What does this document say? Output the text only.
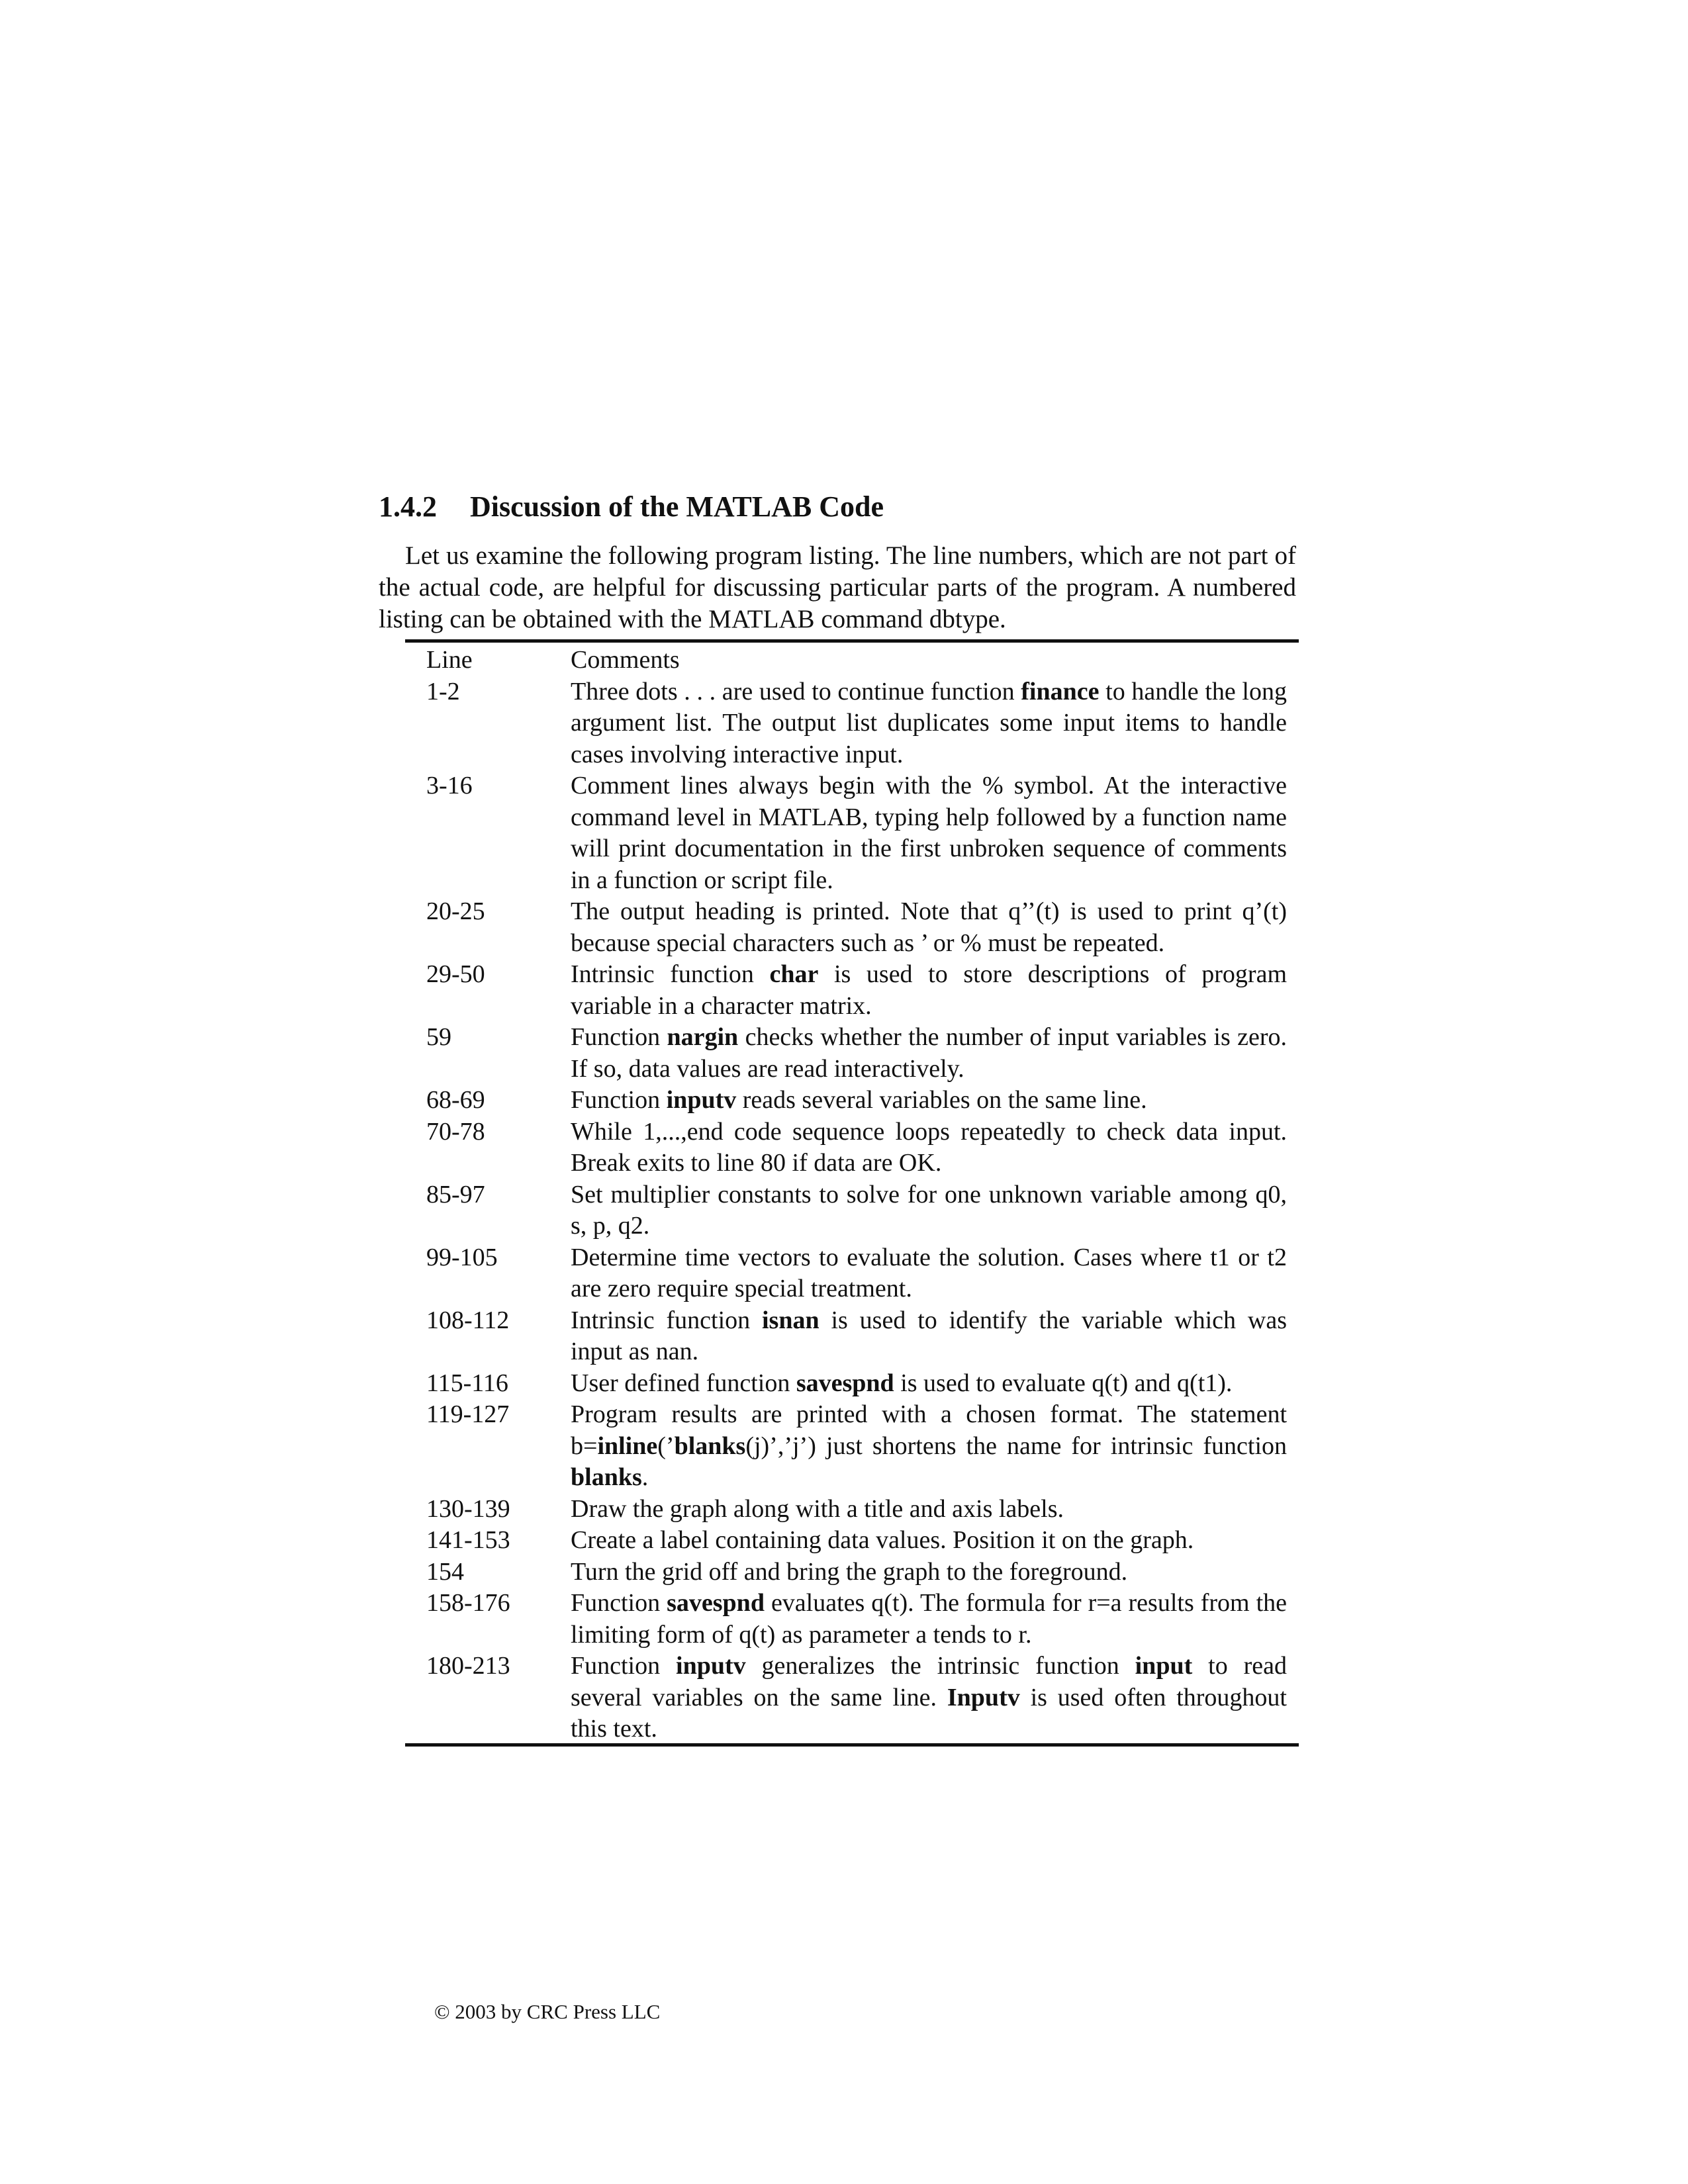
1.4.2 Discussion of the MATLAB Code

Let us examine the following program listing. The line numbers, which are not part of the actual code, are helpful for discussing particular parts of the program. A numbered listing can be obtained with the MATLAB command dbtype.

Line	Comments
1-2	Three dots . . . are used to continue function finance to handle the long argument list. The output list duplicates some input items to handle cases involving interactive input.
3-16	Comment lines always begin with the % symbol. At the interactive command level in MATLAB, typing help followed by a function name will print documentation in the first unbroken sequence of comments in a function or script file.
20-25	The output heading is printed. Note that q’’(t) is used to print q’(t) because special characters such as ’ or % must be repeated.
29-50	Intrinsic function char is used to store descriptions of program variable in a character matrix.
59	Function nargin checks whether the number of input variables is zero. If so, data values are read interactively.
68-69	Function inputv reads several variables on the same line.
70-78	While 1,...,end code sequence loops repeatedly to check data input. Break exits to line 80 if data are OK.
85-97	Set multiplier constants to solve for one unknown variable among q0, s, p, q2.
99-105	Determine time vectors to evaluate the solution. Cases where t1 or t2 are zero require special treatment.
108-112	Intrinsic function isnan is used to identify the variable which was input as nan.
115-116	User defined function savespnd is used to evaluate q(t) and q(t1).
119-127	Program results are printed with a chosen format. The statement b=inline(’blanks(j)’,’j’) just shortens the name for intrinsic function blanks.
130-139	Draw the graph along with a title and axis labels.
141-153	Create a label containing data values. Position it on the graph.
154	Turn the grid off and bring the graph to the foreground.
158-176	Function savespnd evaluates q(t). The formula for r=a results from the limiting form of q(t) as parameter a tends to r.
180-213	Function inputv generalizes the intrinsic function input to read several variables on the same line. Inputv is used often throughout this text.
© 2003 by CRC Press LLC
